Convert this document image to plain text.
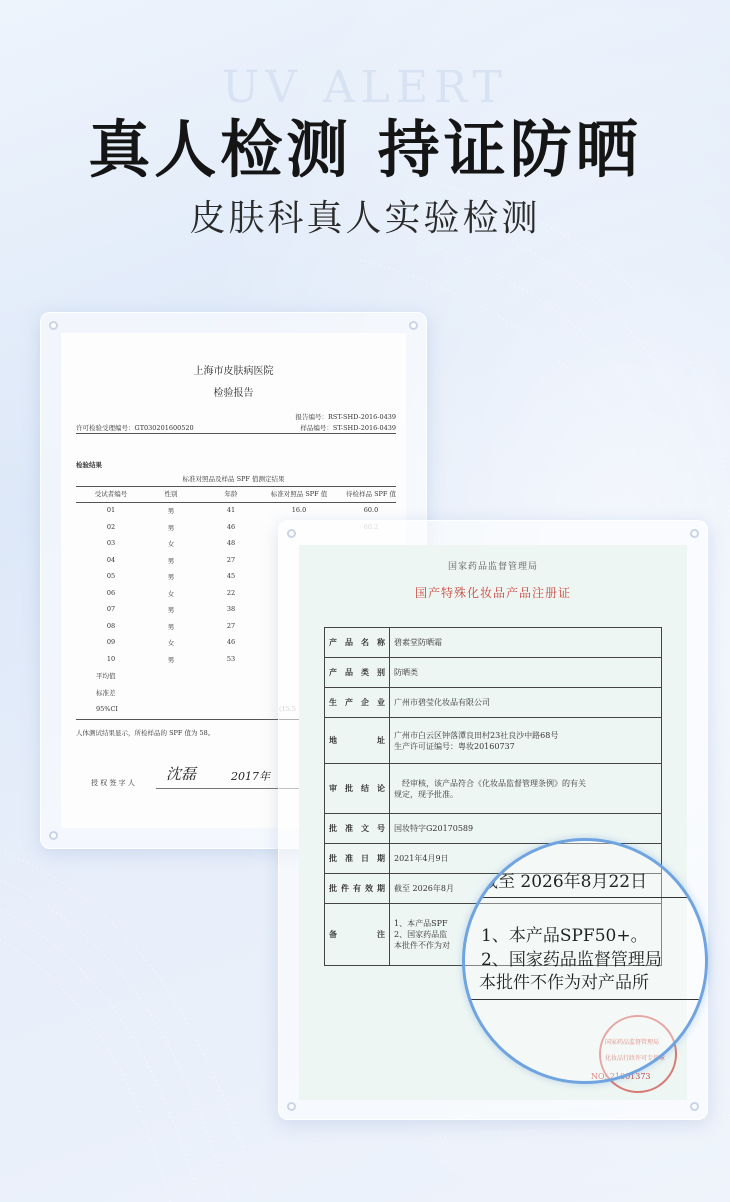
UV ALERT
真人检测 持证防晒
皮肤科真人实验检测
上海市皮肤病医院
检验报告
报告编号：RST-SHD-2016-0439
许可检验受理编号：GT030201600520	样品编号：ST-SHD-2016-0439
检验结果
标准对照品及样品 SPF 值测定结果
受试者编号	性别	年龄	标准对照品 SPF 值	待检样品 SPF 值
01	男	41	16.0	60.0
02	男	46
03	女	48
04	男	27
05	男	45
06	女	22
07	男	38
08	男	27
09	女	46
10	男	53
平均值
标准差
95%CI
人体测试结果显示，所检样品的 SPF 值为 58。
授 权 签 字 人 沈磊	2017年
国家药品监督管理局
国产特殊化妆品产品注册证
产品名称	碧素堂防晒霜
产品类别	防晒类
生产企业	广州市碧莹化妆品有限公司
地址	广州市白云区钟落潭良田村23社良沙中路68号
生产许可证编号：粤妆20160737

审批结论	经审核，该产品符合《化妆品监督管理条例》的有关
规定，现予批准。

批准文号	国妆特字G20170589
批准日期	2021年4月9日
批件有效期	截至 2026年8月
备注	1、本产品SPF
2、国家药品监
本批件不作为对
国家药品监督管理局
化妆品行政许可专用章
NO: 21001373
截至 2026年8月22日
1、本产品SPF50+。
2、国家药品监督管理局
本批件不作为对产品所
